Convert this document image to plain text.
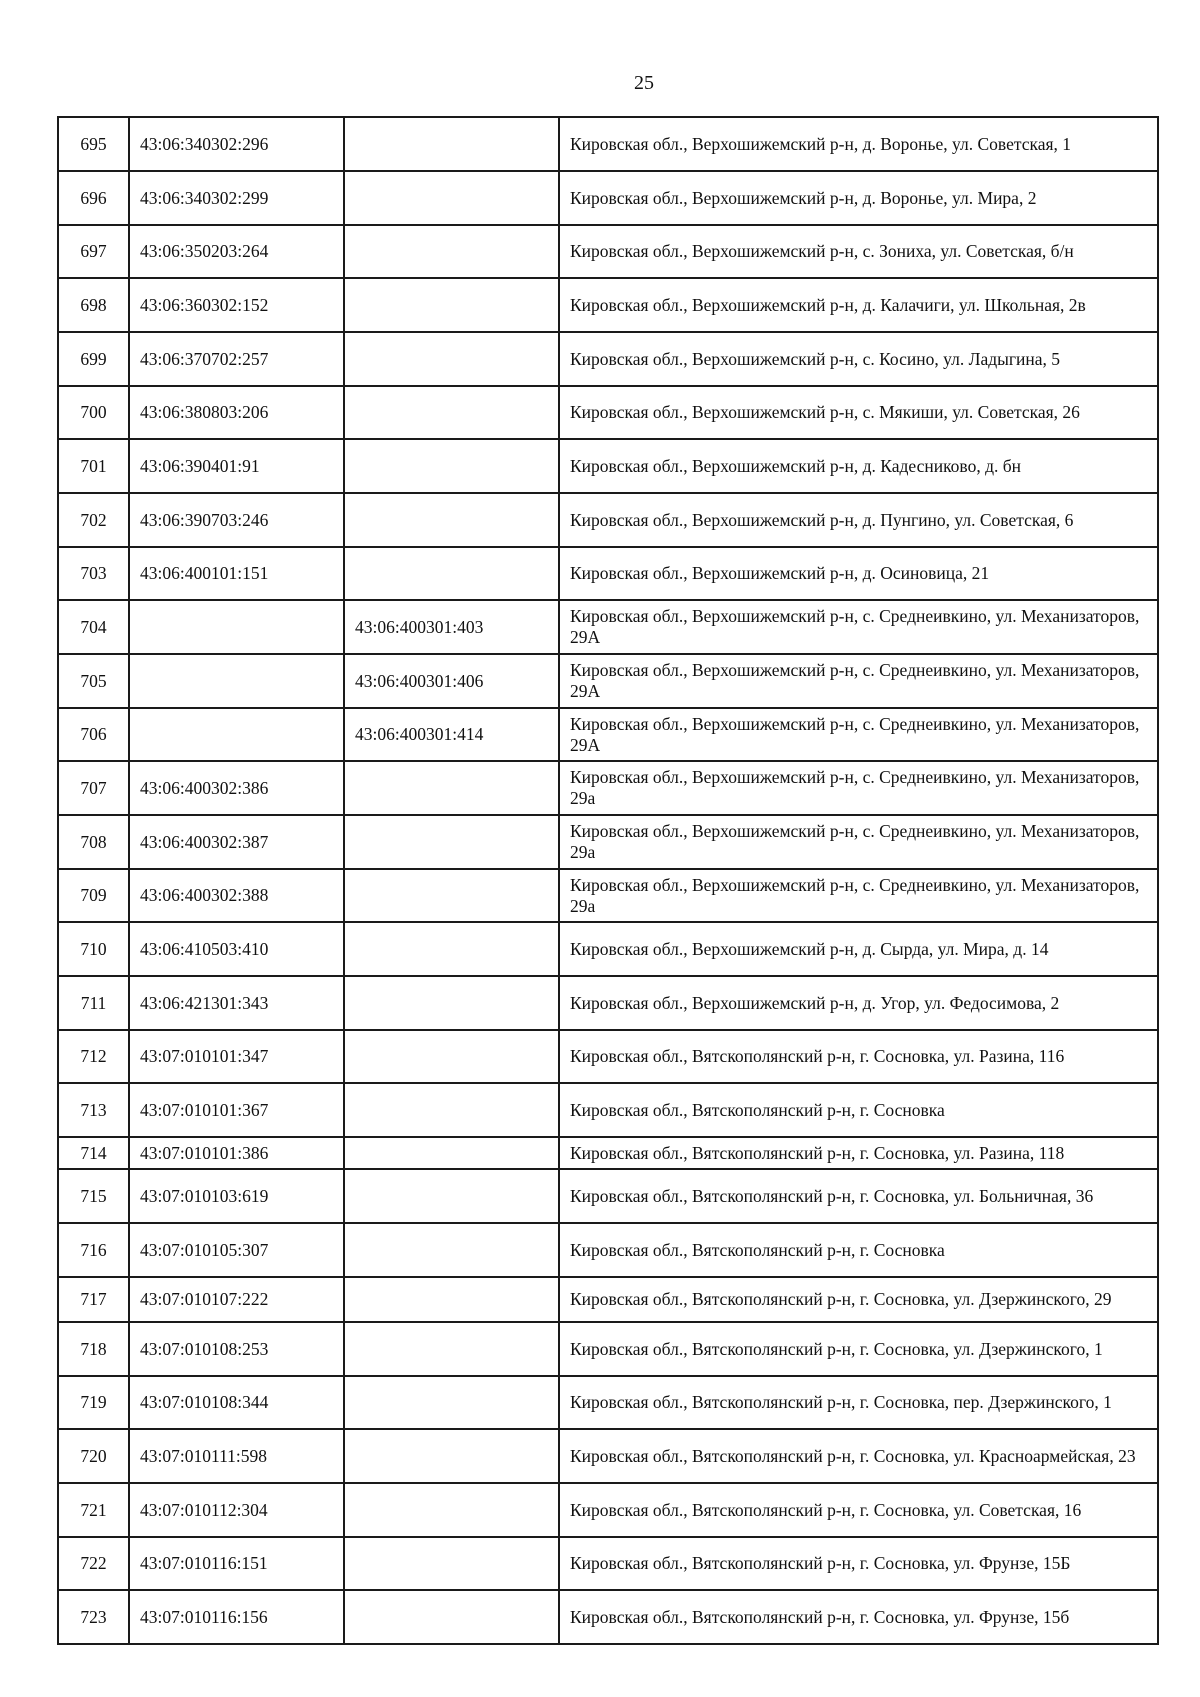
25
695	43:06:340302:296		Кировская обл., Верхошижемский р-н, д. Воронье, ул. Советская, 1
696	43:06:340302:299		Кировская обл., Верхошижемский р-н, д. Воронье, ул. Мира, 2
697	43:06:350203:264		Кировская обл., Верхошижемский р-н, с. Зониха, ул. Советская, б/н
698	43:06:360302:152		Кировская обл., Верхошижемский р-н, д. Калачиги, ул. Школьная, 2в
699	43:06:370702:257		Кировская обл., Верхошижемский р-н, с. Косино, ул. Ладыгина, 5
700	43:06:380803:206		Кировская обл., Верхошижемский р-н, с. Мякиши, ул. Советская, 26
701	43:06:390401:91		Кировская обл., Верхошижемский р-н, д. Кадесниково, д. бн
702	43:06:390703:246		Кировская обл., Верхошижемский р-н, д. Пунгино, ул. Советская, 6
703	43:06:400101:151		Кировская обл., Верхошижемский р-н, д. Осиновица, 21
704		43:06:400301:403	Кировская обл., Верхошижемский р-н, с. Среднеивкино, ул. Механизаторов, 29А
705		43:06:400301:406	Кировская обл., Верхошижемский р-н, с. Среднеивкино, ул. Механизаторов, 29А
706		43:06:400301:414	Кировская обл., Верхошижемский р-н, с. Среднеивкино, ул. Механизаторов, 29А
707	43:06:400302:386		Кировская обл., Верхошижемский р-н, с. Среднеивкино, ул. Механизаторов, 29а
708	43:06:400302:387		Кировская обл., Верхошижемский р-н, с. Среднеивкино, ул. Механизаторов, 29а
709	43:06:400302:388		Кировская обл., Верхошижемский р-н, с. Среднеивкино, ул. Механизаторов, 29а
710	43:06:410503:410		Кировская обл., Верхошижемский р-н, д. Сырда, ул. Мира, д. 14
711	43:06:421301:343		Кировская обл., Верхошижемский р-н, д. Угор, ул. Федосимова, 2
712	43:07:010101:347		Кировская обл., Вятскополянский р-н, г. Сосновка, ул. Разина, 116
713	43:07:010101:367		Кировская обл., Вятскополянский р-н, г. Сосновка
714	43:07:010101:386		Кировская обл., Вятскополянский р-н, г. Сосновка, ул. Разина, 118
715	43:07:010103:619		Кировская обл., Вятскополянский р-н, г. Сосновка, ул. Больничная, 36
716	43:07:010105:307		Кировская обл., Вятскополянский р-н, г. Сосновка
717	43:07:010107:222		Кировская обл., Вятскополянский р-н, г. Сосновка, ул. Дзержинского, 29
718	43:07:010108:253		Кировская обл., Вятскополянский р-н, г. Сосновка, ул. Дзержинского, 1
719	43:07:010108:344		Кировская обл., Вятскополянский р-н, г. Сосновка, пер. Дзержинского, 1
720	43:07:010111:598		Кировская обл., Вятскополянский р-н, г. Сосновка, ул. Красноармейская, 23
721	43:07:010112:304		Кировская обл., Вятскополянский р-н, г. Сосновка, ул. Советская, 16
722	43:07:010116:151		Кировская обл., Вятскополянский р-н, г. Сосновка, ул. Фрунзе, 15Б
723	43:07:010116:156		Кировская обл., Вятскополянский р-н, г. Сосновка, ул. Фрунзе, 15б
